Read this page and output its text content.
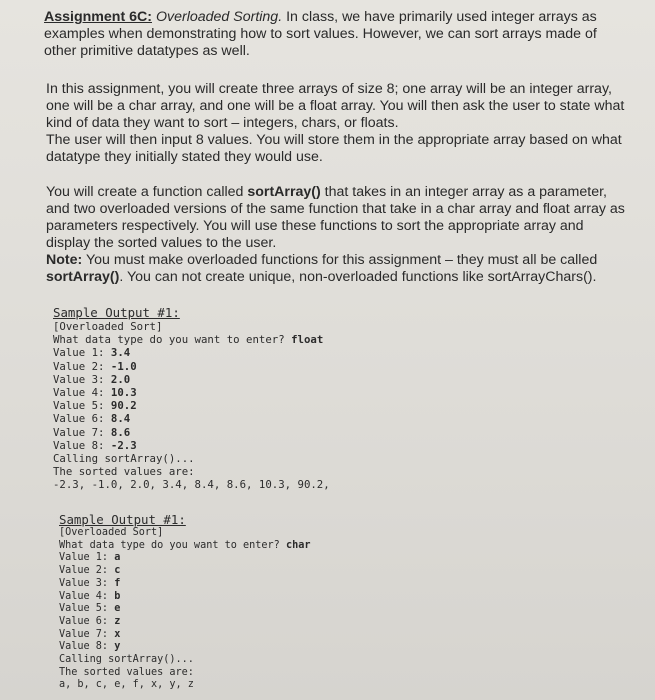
Assignment 6C: Overloaded Sorting. In class, we have primarily used integer arrays as examples when demonstrating how to sort values. However, we can sort arrays made of other primitive datatypes as well.
In this assignment, you will create three arrays of size 8; one array will be an integer array, one will be a char array, and one will be a float array. You will then ask the user to state what kind of data they want to sort – integers, chars, or floats.
The user will then input 8 values. You will store them in the appropriate array based on what datatype they initially stated they would use.
You will create a function called sortArray() that takes in an integer array as a parameter, and two overloaded versions of the same function that take in a char array and float array as parameters respectively. You will use these functions to sort the appropriate array and display the sorted values to the user.
Note: You must make overloaded functions for this assignment – they must all be called sortArray(). You can not create unique, non-overloaded functions like sortArrayChars().
Sample Output #1:
[Overloaded Sort]
What data type do you want to enter? float
Value 1: 3.4
Value 2: -1.0
Value 3: 2.0
Value 4: 10.3
Value 5: 90.2
Value 6: 8.4
Value 7: 8.6
Value 8: -2.3
Calling sortArray()...
The sorted values are:
-2.3, -1.0, 2.0, 3.4, 8.4, 8.6, 10.3, 90.2,
Sample Output #1:
[Overloaded Sort]
What data type do you want to enter? char
Value 1: a
Value 2: c
Value 3: f
Value 4: b
Value 5: e
Value 6: z
Value 7: x
Value 8: y
Calling sortArray()...
The sorted values are:
a, b, c, e, f, x, y, z
